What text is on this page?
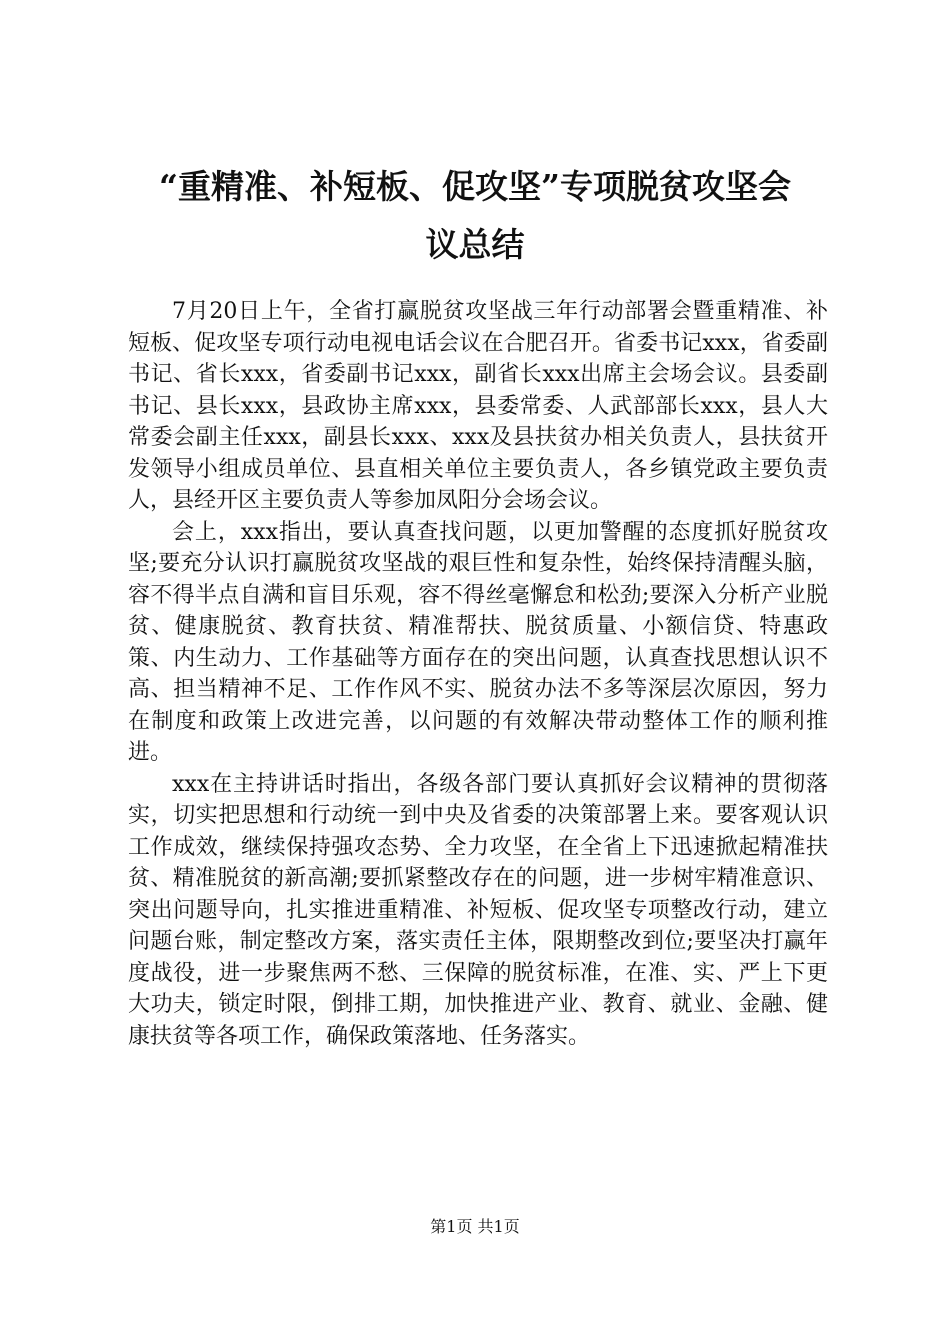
“重精准、补短板、促攻坚”专项脱贫攻坚会
议总结

7月20日上午，全省打赢脱贫攻坚战三年行动部署会暨重精准、补短板、促攻坚专项行动电视电话会议在合肥召开。省委书记xxx，省委副书记、省长xxx，省委副书记xxx，副省长xxx出席主会场会议。县委副书记、县长xxx，县政协主席xxx，县委常委、人武部部长xxx，县人大常委会副主任xxx，副县长xxx、xxx及县扶贫办相关负责人，县扶贫开发领导小组成员单位、县直相关单位主要负责人，各乡镇党政主要负责人，县经开区主要负责人等参加凤阳分会场会议。

会上，xxx指出，要认真查找问题，以更加警醒的态度抓好脱贫攻坚;要充分认识打赢脱贫攻坚战的艰巨性和复杂性，始终保持清醒头脑，容不得半点自满和盲目乐观，容不得丝毫懈怠和松劲;要深入分析产业脱贫、健康脱贫、教育扶贫、精准帮扶、脱贫质量、小额信贷、特惠政策、内生动力、工作基础等方面存在的突出问题，认真查找思想认识不高、担当精神不足、工作作风不实、脱贫办法不多等深层次原因，努力在制度和政策上改进完善，以问题的有效解决带动整体工作的顺利推进。

xxx在主持讲话时指出，各级各部门要认真抓好会议精神的贯彻落实，切实把思想和行动统一到中央及省委的决策部署上来。要客观认识工作成效，继续保持强攻态势、全力攻坚，在全省上下迅速掀起精准扶贫、精准脱贫的新高潮;要抓紧整改存在的问题，进一步树牢精准意识、突出问题导向，扎实推进重精准、补短板、促攻坚专项整改行动，建立问题台账，制定整改方案，落实责任主体，限期整改到位;要坚决打赢年度战役，进一步聚焦两不愁、三保障的脱贫标准，在准、实、严上下更大功夫，锁定时限，倒排工期，加快推进产业、教育、就业、金融、健康扶贫等各项工作，确保政策落地、任务落实。

第1页 共1页
